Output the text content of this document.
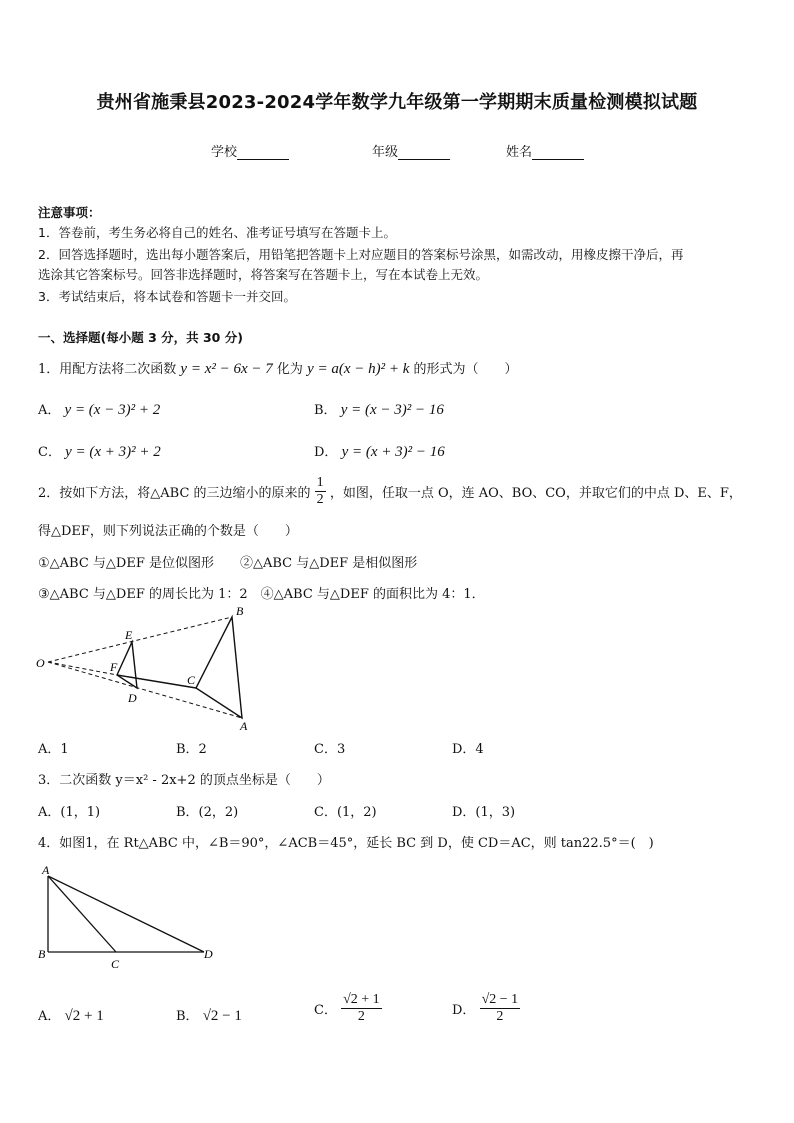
贵州省施秉县2023-2024学年数学九年级第一学期期末质量检测模拟试题
学校	年级	姓名
注意事项：
1．答卷前，考生务必将自己的姓名、准考证号填写在答题卡上。
2．回答选择题时，选出每小题答案后，用铅笔把答题卡上对应题目的答案标号涂黑，如需改动，用橡皮擦干净后，再
选涂其它答案标号。回答非选择题时，将答案写在答题卡上，写在本试卷上无效。
3．考试结束后，将本试卷和答题卡一并交回。
一、选择题(每小题 3 分，共 30 分)
1．用配方法将二次函数 y = x² − 6x − 7 化为 y = a(x − h)² + k 的形式为（　　）
A． y = (x − 3)² + 2	B． y = (x − 3)² − 16
C． y = (x + 3)² + 2	D． y = (x + 3)² − 16
2．按如下方法，将△ABC 的三边缩小的原来的 $\frac{1}{2}$ ，如图，任取一点 O，连 AO、BO、CO，并取它们的中点 D、E、F，
得△DEF，则下列说法正确的个数是（　　）
①△ABC 与△DEF 是位似图形　　②△ABC 与△DEF 是相似图形
③△ABC 与△DEF 的周长比为 1：2　④△ABC 与△DEF 的面积比为 4：1．
O
E
F
C
D
B
A
A．1	B．2	C．3	D．4
3．二次函数 y＝x² - 2x+2 的顶点坐标是（　　）
A．(1，1)	B．(2，2)	C．(1，2)	D．(1，3)
4．如图1，在 Rt△ABC 中，∠B＝90°，∠ACB＝45°，延长 BC 到 D，使 CD＝AC，则 tan22.5°＝(　)
A
B
C
D
A． √2 + 1	B． √2 − 1	C． $\frac{√2 + 1}{2}$	D． $\frac{√2 - 1}{2}$
